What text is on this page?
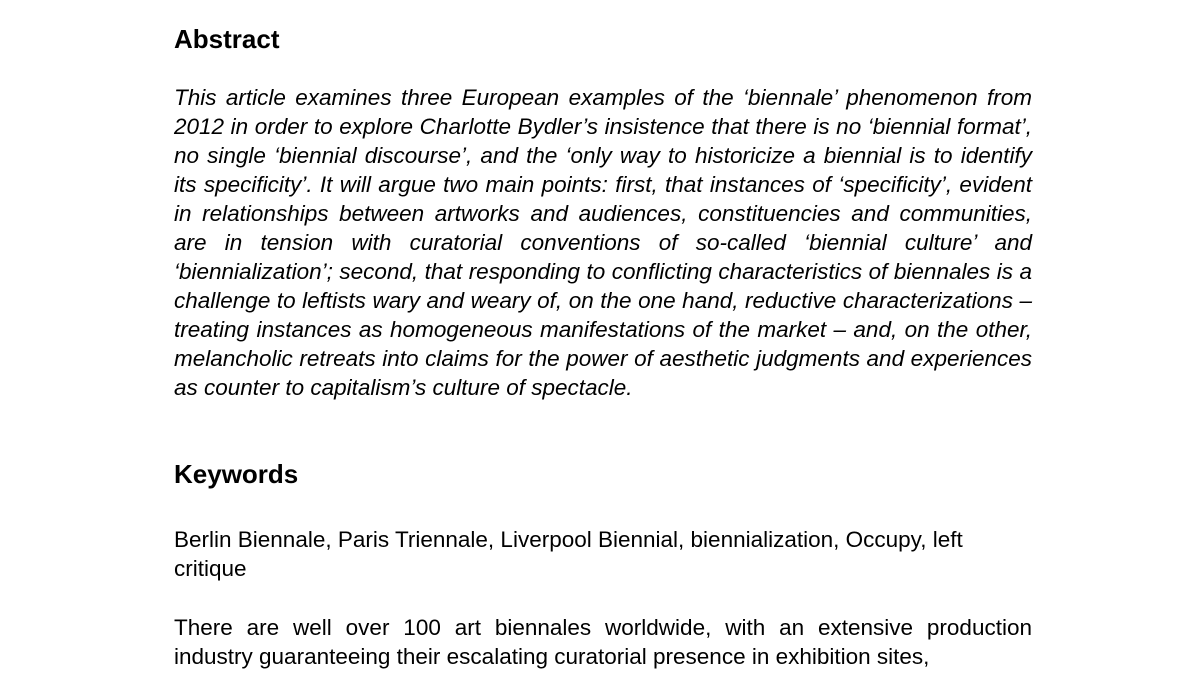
Abstract

This article examines three European examples of the ‘biennale’ phenomenon from 2012 in order to explore Charlotte Bydler’s insistence that there is no ‘biennial format’, no single ‘biennial discourse’, and the ‘only way to historicize a biennial is to identify its specificity’. It will argue two main points: first, that instances of ‘specificity’, evident in relationships between artworks and audiences, constituencies and communities, are in tension with curatorial conventions of so-called ‘biennial culture’ and ‘biennialization’; second, that responding to conflicting characteristics of biennales is a challenge to leftists wary and weary of, on the one hand, reductive characterizations – treating instances as homogeneous manifestations of the market – and, on the other, melancholic retreats into claims for the power of aesthetic judgments and experiences as counter to capitalism’s culture of spectacle.

Keywords

Berlin Biennale, Paris Triennale, Liverpool Biennial, biennialization, Occupy, left critique

There are well over 100 art biennales worldwide, with an extensive production industry guaranteeing their escalating curatorial presence in exhibition sites,
